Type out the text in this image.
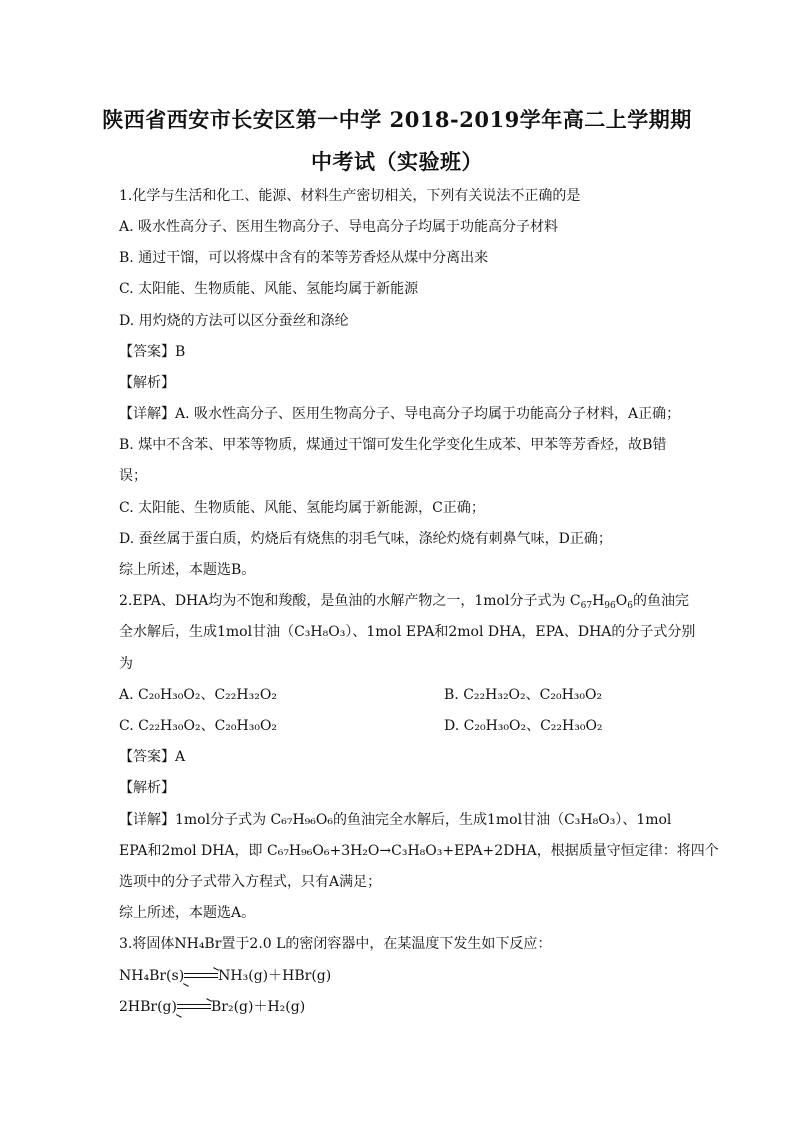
陕西省西安市长安区第一中学 2018-2019学年高二上学期期
中考试（实验班）
1.化学与生活和化工、能源、材料生产密切相关，下列有关说法不正确的是
A. 吸水性高分子、医用生物高分子、导电高分子均属于功能高分子材料
B. 通过干馏，可以将煤中含有的苯等芳香烃从煤中分离出来
C. 太阳能、生物质能、风能、氢能均属于新能源
D. 用灼烧的方法可以区分蚕丝和涤纶
【答案】B
【解析】
【详解】A. 吸水性高分子、医用生物高分子、导电高分子均属于功能高分子材料，A正确；
B. 煤中不含苯、甲苯等物质，煤通过干馏可发生化学变化生成苯、甲苯等芳香烃，故B错
误；
C. 太阳能、生物质能、风能、氢能均属于新能源，C正确；
D. 蚕丝属于蛋白质，灼烧后有烧焦的羽毛气味，涤纶灼烧有刺鼻气味，D正确；
综上所述，本题选B。
2.EPA、DHA均为不饱和羧酸，是鱼油的水解产物之一，1mol分子式为 $C_{67}H_{96}O_6$的鱼油完
全水解后，生成1mol甘油（C₃H₈O₃）、1mol EPA和2mol DHA，EPA、DHA的分子式分别
为
A. C₂₀H₃₀O₂、C₂₂H₃₂O₂	B. C₂₂H₃₂O₂、C₂₀H₃₀O₂
C. C₂₂H₃₀O₂、C₂₀H₃₀O₂	D. C₂₀H₃₀O₂、C₂₂H₃₀O₂
【答案】A
【解析】
【详解】1mol分子式为 C₆₇H₉₆O₆的鱼油完全水解后，生成1mol甘油（C₃H₈O₃）、1mol
EPA和2mol DHA，即 C₆₇H₉₆O₆+3H₂O→C₃H₈O₃+EPA+2DHA，根据质量守恒定律：将四个
选项中的分子式带入方程式，只有A满足；
综上所述，本题选A。
3.将固体NH₄Br置于2.0 L的密闭容器中，在某温度下发生如下反应：
NH₄Br(s)→NH₃(g)＋HBr(g)
2HBr(g)→Br₂(g)＋H₂(g)
